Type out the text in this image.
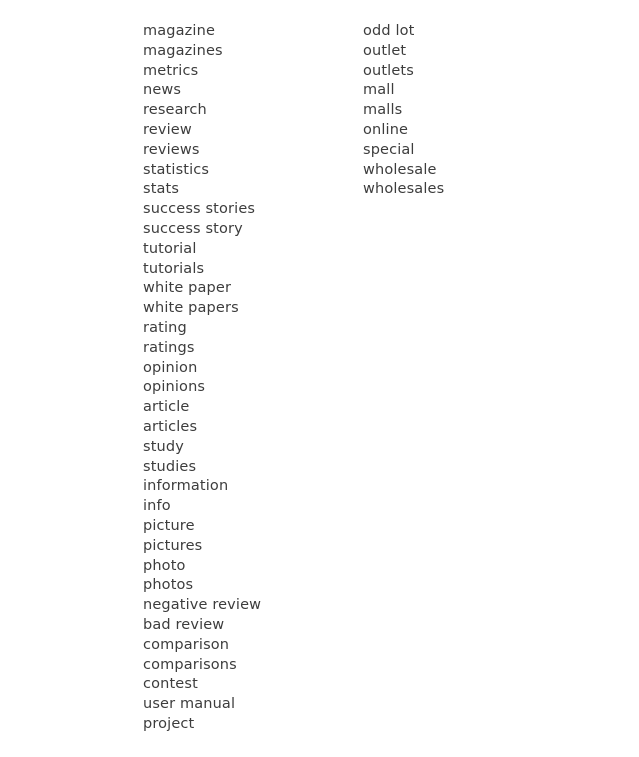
magazine
magazines
metrics
news
research
review
reviews
statistics
stats
success stories
success story
tutorial
tutorials
white paper
white papers
rating
ratings
opinion
opinions
article
articles
study
studies
information
info
picture
pictures
photo
photos
negative review
bad review
comparison
comparisons
contest
user manual
project
odd lot
outlet
outlets
mall
malls
online
special
wholesale
wholesales
